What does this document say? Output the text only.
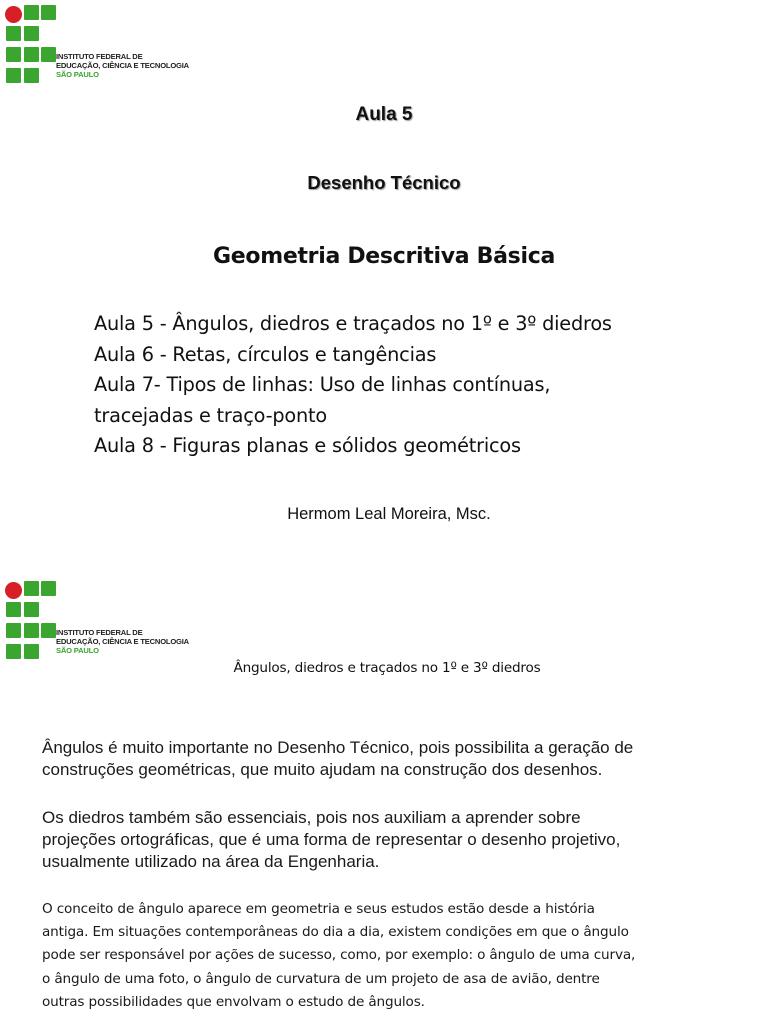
INSTITUTO FEDERAL DE
EDUCAÇÃO, CIÊNCIA E TECNOLOGIA
SÃO PAULO
Aula 5
Desenho Técnico
Geometria Descritiva Básica
Aula 5 - Ângulos, diedros e traçados no 1º e 3º diedros
Aula 6 - Retas, círculos e tangências
Aula 7- Tipos de linhas: Uso de linhas contínuas,
tracejadas e traço-ponto
Aula 8 - Figuras planas e sólidos geométricos
Hermom Leal Moreira, Msc.
INSTITUTO FEDERAL DE
EDUCAÇÃO, CIÊNCIA E TECNOLOGIA
SÃO PAULO
Ângulos, diedros e traçados no 1º e 3º diedros
Ângulos é muito importante no Desenho Técnico, pois possibilita a geração de
construções geométricas, que muito ajudam na construção dos desenhos.
Os diedros também são essenciais, pois nos auxiliam a aprender sobre
projeções ortográficas, que é uma forma de representar o desenho projetivo,
usualmente utilizado na área da Engenharia.
O conceito de ângulo aparece em geometria e seus estudos estão desde a história
antiga. Em situações contemporâneas do dia a dia, existem condições em que o ângulo
pode ser responsável por ações de sucesso, como, por exemplo: o ângulo de uma curva,
o ângulo de uma foto, o ângulo de curvatura de um projeto de asa de avião, dentre
outras possibilidades que envolvam o estudo de ângulos.
